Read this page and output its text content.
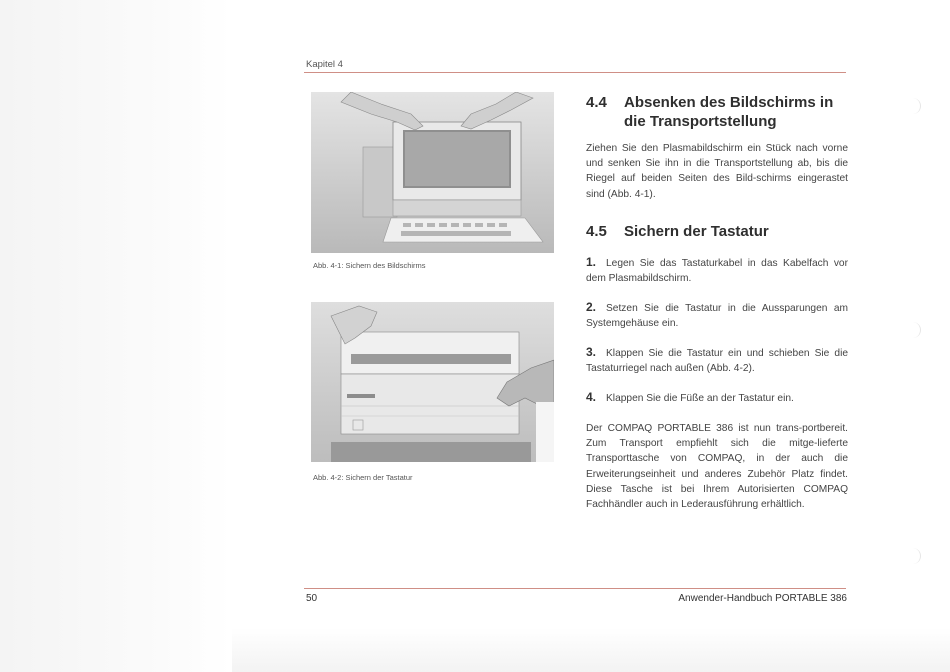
Kapitel 4
Abb. 4-1: Sichern des Bildschirms
Abb. 4-2: Sichern der Tastatur
4.4 Absenken des Bildschirms in die Transportstellung
Ziehen Sie den Plasmabildschirm ein Stück nach vorne und senken Sie ihn in die Transportstellung ab, bis die Riegel auf beiden Seiten des Bild-schirms eingerastet sind (Abb. 4-1).
4.5 Sichern der Tastatur
1. Legen Sie das Tastaturkabel in das Kabelfach vor dem Plasmabildschirm.
2. Setzen Sie die Tastatur in die Aussparungen am Systemgehäuse ein.
3. Klappen Sie die Tastatur ein und schieben Sie die Tastaturriegel nach außen (Abb. 4-2).
4. Klappen Sie die Füße an der Tastatur ein.
Der COMPAQ PORTABLE 386 ist nun trans-portbereit. Zum Transport empfiehlt sich die mitge-lieferte Transporttasche von COMPAQ, in der auch die Erweiterungseinheit und anderes Zubehör Platz findet. Diese Tasche ist bei Ihrem Autorisierten COMPAQ Fachhändler auch in Lederausführung erhältlich.
50	Anwender-Handbuch PORTABLE 386
